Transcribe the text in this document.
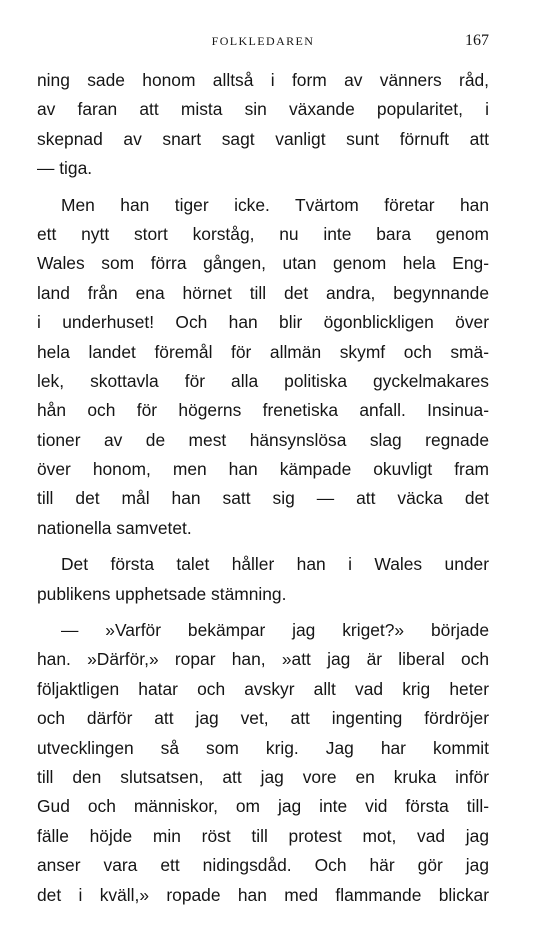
FOLKLEDAREN	167
ning sade honom alltså i form av vänners råd,
av faran att mista sin växande popularitet, i
skepnad av snart sagt vanligt sunt förnuft att
— tiga.
Men han tiger icke. Tvärtom företar han
ett nytt stort korståg, nu inte bara genom
Wales som förra gången, utan genom hela Eng-
land från ena hörnet till det andra, begynnande
i underhuset! Och han blir ögonblickligen över
hela landet föremål för allmän skymf och smä-
lek, skottavla för alla politiska gyckelmakares
hån och för högerns frenetiska anfall. Insinua-
tioner av de mest hänsynslösa slag regnade
över honom, men han kämpade okuvligt fram
till det mål han satt sig — att väcka det
nationella samvetet.
Det första talet håller han i Wales under
publikens upphetsade stämning.
— »Varför bekämpar jag kriget?» började
han. »Därför,» ropar han, »att jag är liberal och
följaktligen hatar och avskyr allt vad krig heter
och därför att jag vet, att ingenting fördröjer
utvecklingen så som krig. Jag har kommit
till den slutsatsen, att jag vore en kruka inför
Gud och människor, om jag inte vid första till-
fälle höjde min röst till protest mot, vad jag
anser vara ett nidingsdåd. Och här gör jag
det i kväll,» ropade han med flammande blickar
